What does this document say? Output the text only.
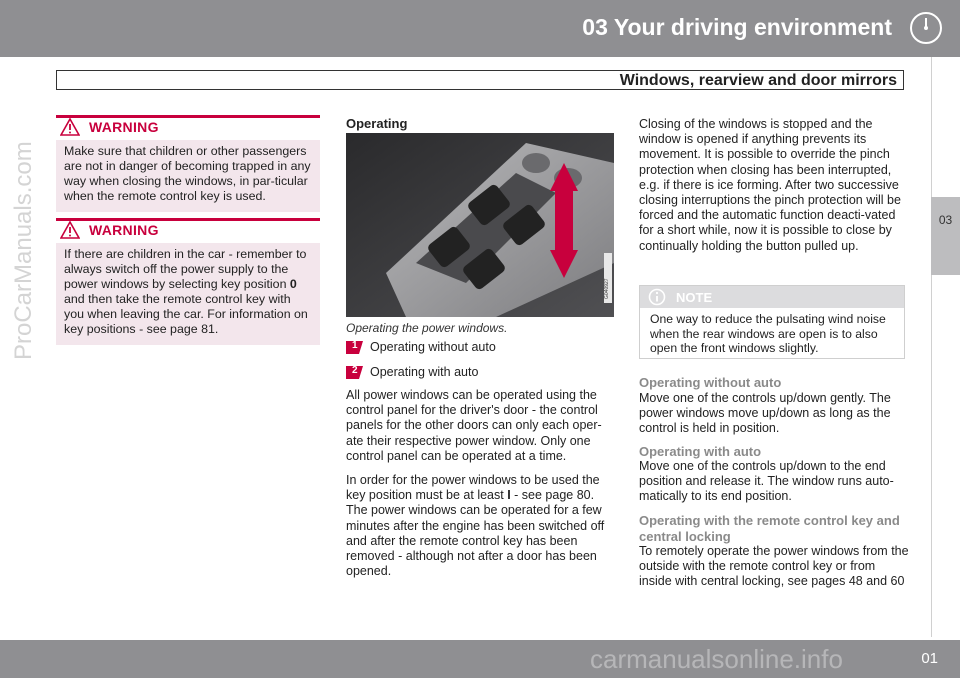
03 Your driving environment
Windows, rearview and door mirrors
03
ProCarManuals.com
WARNING
Make sure that children or other passengers are not in danger of becoming trapped in any way when closing the windows, in par-ticular when the remote control key is used.
WARNING
If there are children in the car - remember to always switch off the power supply to the power windows by selecting key position 0 and then take the remote control key with you when leaving the car. For information on key positions - see page 81.
Operating
G040927
Operating the power windows.
1 Operating without auto
2 Operating with auto
All power windows can be operated using the control panel for the driver's door - the control panels for the other doors can only each oper-ate their respective power window. Only one control panel can be operated at a time.
In order for the power windows to be used the key position must be at least I - see page 80. The power windows can be operated for a few minutes after the engine has been switched off and after the remote control key has been removed - although not after a door has been opened.
Closing of the windows is stopped and the window is opened if anything prevents its movement. It is possible to override the pinch protection when closing has been interrupted, e.g. if there is ice forming. After two successive closing interruptions the pinch protection will be forced and the automatic function deacti-vated for a short while, now it is possible to close by continually holding the button pulled up.
NOTE
One way to reduce the pulsating wind noise when the rear windows are open is to also open the front windows slightly.
Operating without auto
Move one of the controls up/down gently. The power windows move up/down as long as the control is held in position.
Operating with auto
Move one of the controls up/down to the end position and release it. The window runs auto-matically to its end position.
Operating with the remote control key and central locking
To remotely operate the power windows from the outside with the remote control key or from inside with central locking, see pages 48 and 60
01
carmanualsonline.info
